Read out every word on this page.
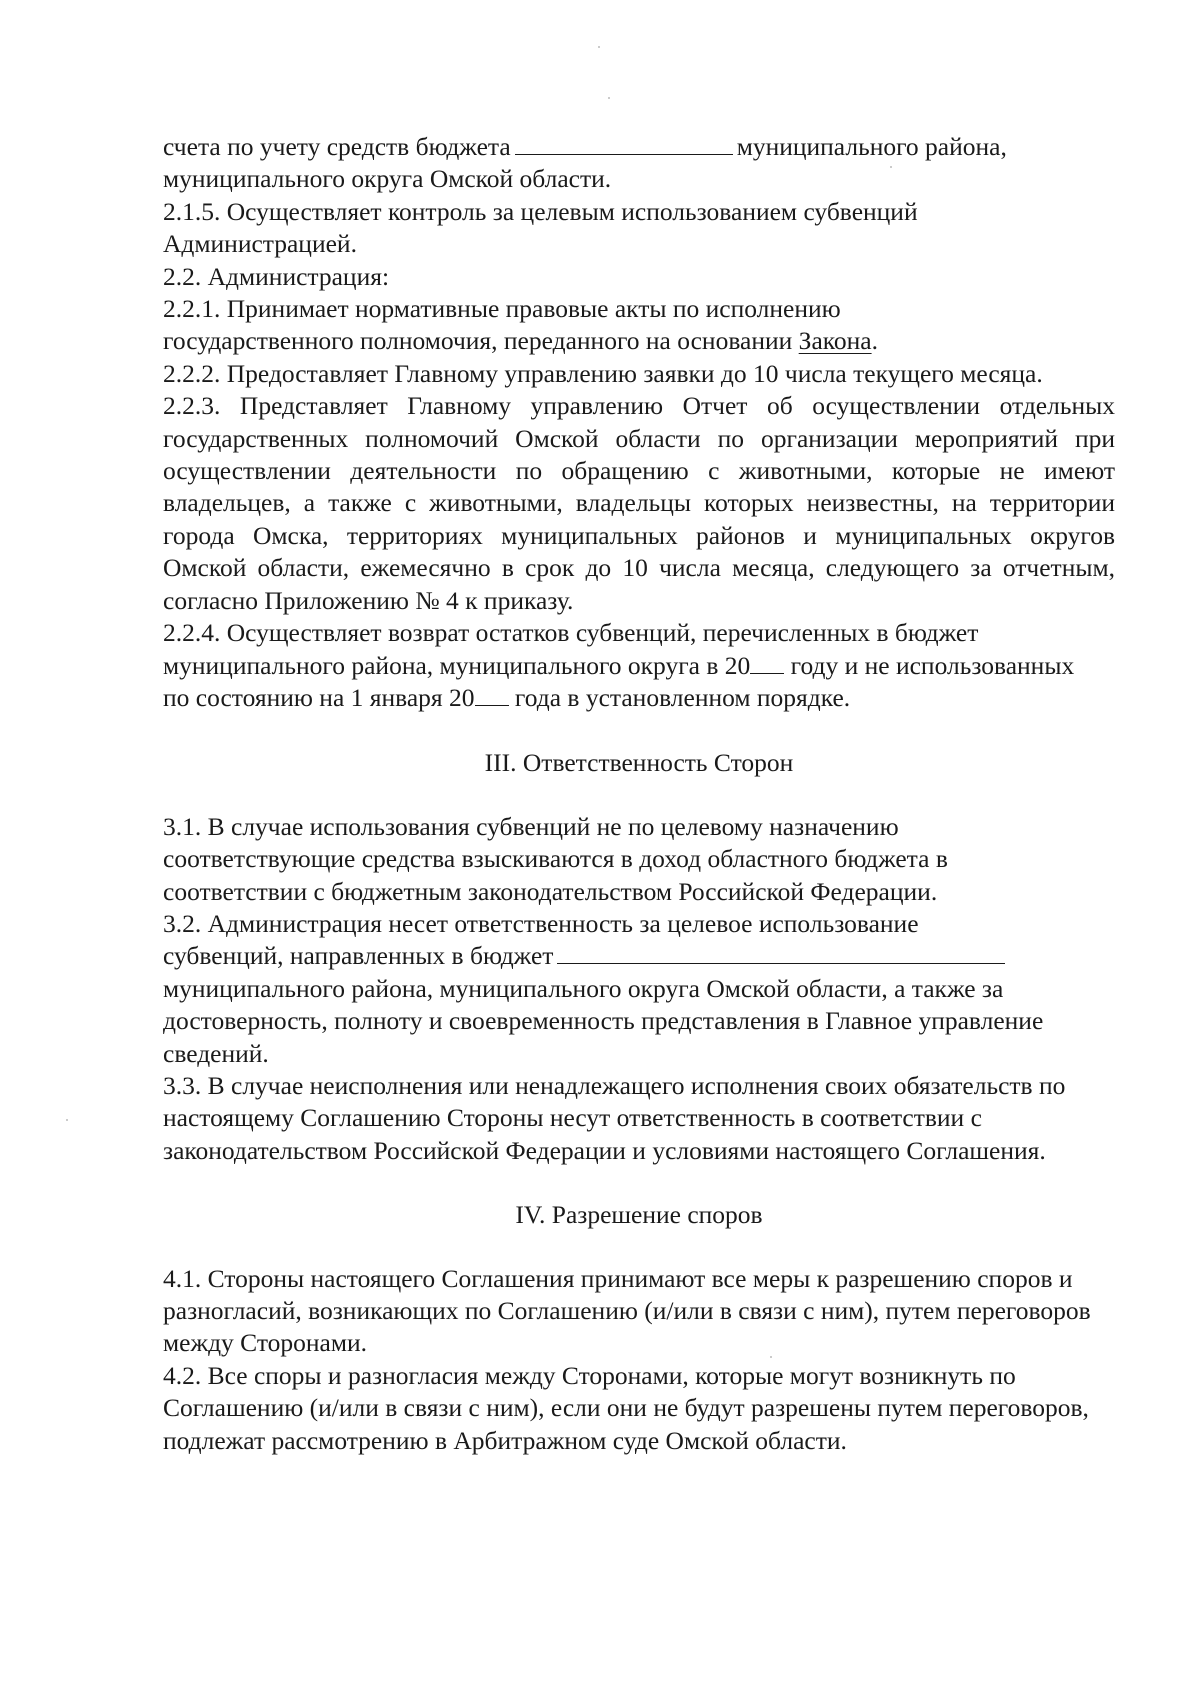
счета по учету средств бюджета	муниципального района,
муниципального округа Омской области.

2.1.5. Осуществляет контроль за целевым использованием субвенций Администрацией.

2.2. Администрация:

2.2.1. Принимает нормативные правовые акты по исполнению государственного полномочия, переданного на основании Закона.

2.2.2. Предоставляет Главному управлению заявки до 10 числа текущего месяца.

2.2.3. Представляет Главному управлению Отчет об осуществлении отдельных государственных полномочий Омской области по организации мероприятий при осуществлении деятельности по обращению с животными, которые не имеют владельцев, а также с животными, владельцы которых неизвестны, на территории города Омска, территориях муниципальных районов и муниципальных округов Омской области, ежемесячно в срок до 10 числа месяца, следующего за отчетным, согласно Приложению № 4 к приказу.

2.2.4. Осуществляет возврат остатков субвенций, перечисленных в бюджет муниципального района, муниципального округа в 20 году и не использованных по состоянию на 1 января 20 года в установленном порядке.

III. Ответственность Сторон

3.1. В случае использования субвенций не по целевому назначению соответствующие средства взыскиваются в доход областного бюджета в соответствии с бюджетным законодательством Российской Федерации.

3.2. Администрация несет ответственность за целевое использование субвенций, направленных в бюджет
муниципального района, муниципального округа Омской области, а также за достоверность, полноту и своевременность представления в Главное управление сведений.

3.3. В случае неисполнения или ненадлежащего исполнения своих обязательств по настоящему Соглашению Стороны несут ответственность в соответствии с законодательством Российской Федерации и условиями настоящего Соглашения.

IV. Разрешение споров

4.1. Стороны настоящего Соглашения принимают все меры к разрешению споров и разногласий, возникающих по Соглашению (и/или в связи с ним), путем переговоров между Сторонами.

4.2. Все споры и разногласия между Сторонами, которые могут возникнуть по Соглашению (и/или в связи с ним), если они не будут разрешены путем переговоров, подлежат рассмотрению в Арбитражном суде Омской области.
